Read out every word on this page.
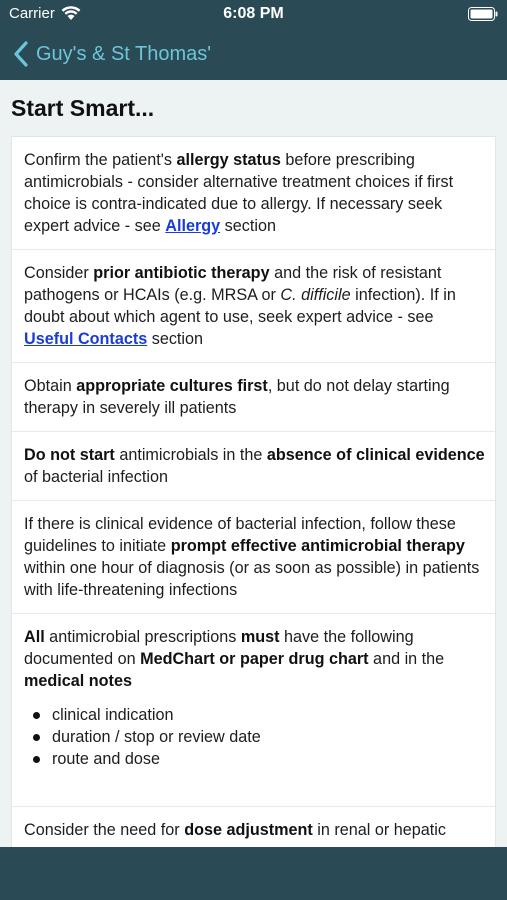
Carrier	6:08 PM
Guy's & St Thomas'
Start Smart...
Confirm the patient's allergy status before prescribing antimicrobials - consider alternative treatment choices if first choice is contra-indicated due to allergy. If necessary seek expert advice - see Allergy section
Consider prior antibiotic therapy and the risk of resistant pathogens or HCAIs (e.g. MRSA or C. difficile infection). If in doubt about which agent to use, seek expert advice - see Useful Contacts section
Obtain appropriate cultures first, but do not delay starting therapy in severely ill patients
Do not start antimicrobials in the absence of clinical evidence of bacterial infection
If there is clinical evidence of bacterial infection, follow these guidelines to initiate prompt effective antimicrobial therapy within one hour of diagnosis (or as soon as possible) in patients with life-threatening infections
All antimicrobial prescriptions must have the following documented on MedChart or paper drug chart and in the medical notes
clinical indication
duration / stop or review date
route and dose
Consider the need for dose adjustment in renal or hepatic
